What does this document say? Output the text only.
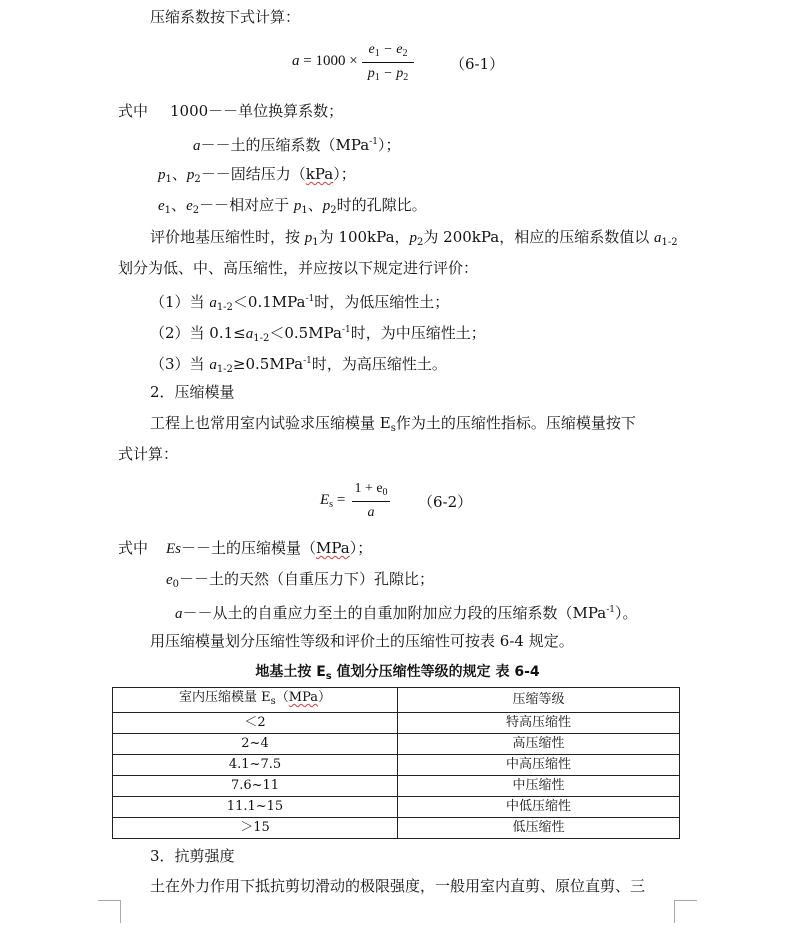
压缩系数按下式计算：
a = 1000 ×
$e_1 - e_2$
$p_1 - p_2$
（6-1）
式中 1000－－单位换算系数；
a－－土的压缩系数（MPa$^{-1}$）；
$p_1$、$p_2--$固结压力（kPa）；
$e_1$、$e_2--$相对应于 $p_1$、$p_2$时的孔隙比。
评价地基压缩性时，按 $p_1$为 100kPa，$p_2$为 200kPa，相应的压缩系数值以 $a_{1-2}$
划分为低、中、高压缩性，并应按以下规定进行评价：
（1）当 $a_{1-2}<0.1MPa^{-1}$时，为低压缩性土；
（2）当 $0.1\le a_{1-2}<0.5MPa^{-1}$时，为中压缩性土；
（3）当 $a_{1-2}\ge 0.5MPa^{-1}$时，为高压缩性土。
2．压缩模量
工程上也常用室内试验求压缩模量 $E_s$作为土的压缩性指标。压缩模量按下
式计算：
$E_s$ =
$1 + e_0$
a
（6-2）
式中 Es－－土的压缩模量（MPa）；
$e_0--$土的天然（自重压力下）孔隙比；
a－－从土的自重应力至土的自重加附加应力段的压缩系数（MPa$^{-1}$）。
用压缩模量划分压缩性等级和评价土的压缩性可按表 6-4 规定。
地基土按 $E_s$ 值划分压缩性等级的规定 表 6-4
室内压缩模量 $E_s(MPa)$	压缩等级
＜2	特高压缩性
2~4	高压缩性
4.1~7.5	中高压缩性
7.6~11	中压缩性
11.1~15	中低压缩性
＞15	低压缩性
3．抗剪强度
土在外力作用下抵抗剪切滑动的极限强度，一般用室内直剪、原位直剪、三
